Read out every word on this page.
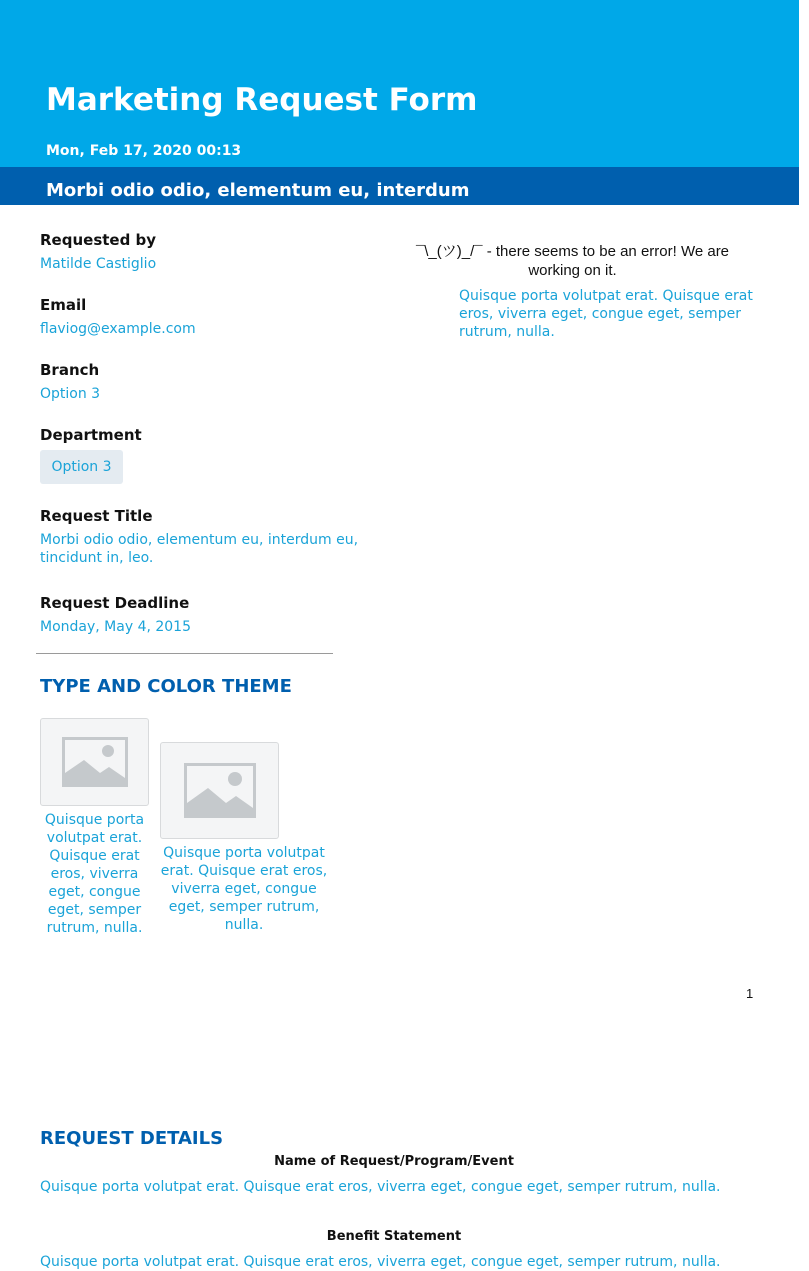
Marketing Request Form
Mon, Feb 17, 2020 00:13
Morbi odio odio, elementum eu, interdum
Requested by
Matilde Castiglio
Email
flaviog@example.com
Branch
Option 3
Department
Option 3
Request Title
Morbi odio odio, elementum eu, interdum eu, tincidunt in, leo.
Request Deadline
Monday, May 4, 2015
TYPE AND COLOR THEME
Quisque porta volutpat erat. Quisque erat eros, viverra eget, congue eget, semper rutrum, nulla.
Quisque porta volutpat erat. Quisque erat eros, viverra eget, congue eget, semper rutrum, nulla.
¯\_(ツ)_/¯ - there seems to be an error! We are working on it.
Quisque porta volutpat erat. Quisque erat eros, viverra eget, congue eget, semper rutrum, nulla.
1
REQUEST DETAILS
Name of Request/Program/Event
Quisque porta volutpat erat. Quisque erat eros, viverra eget, congue eget, semper rutrum, nulla.
Benefit Statement
Quisque porta volutpat erat. Quisque erat eros, viverra eget, congue eget, semper rutrum, nulla.
